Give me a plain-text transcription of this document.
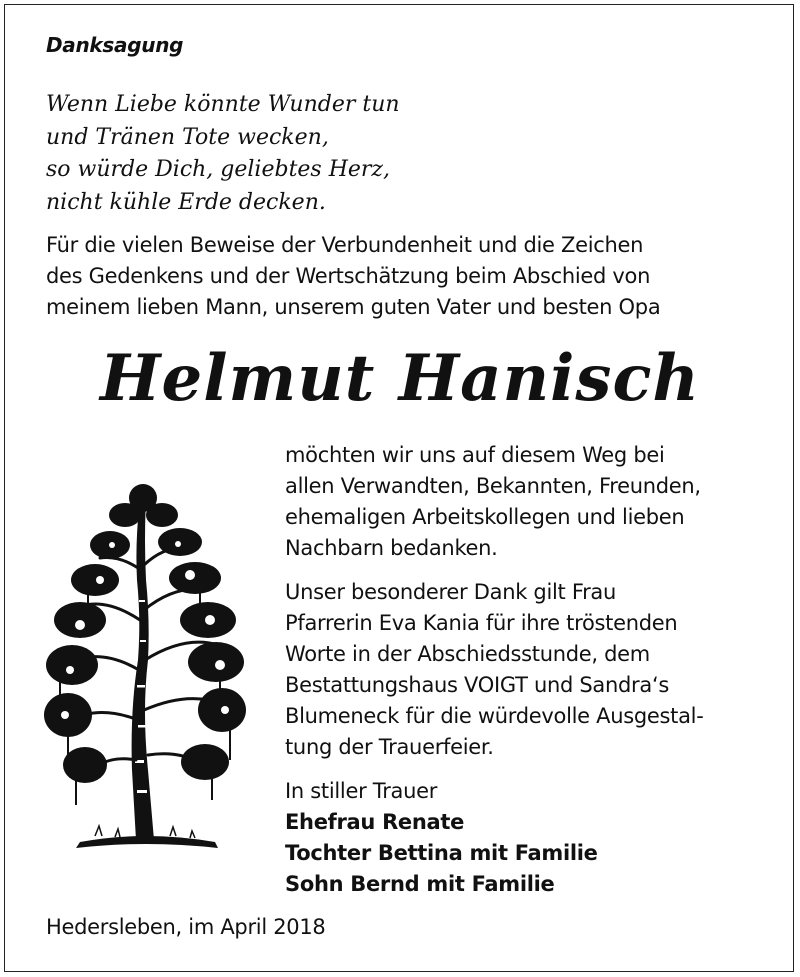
Danksagung
Wenn Liebe könnte Wunder tun
und Tränen Tote wecken,
so würde Dich, geliebtes Herz,
nicht kühle Erde decken.
Für die vielen Beweise der Verbundenheit und die Zeichen
des Gedenkens und der Wertschätzung beim Abschied von
meinem lieben Mann, unserem guten Vater und besten Opa
Helmut Hanisch
möchten wir uns auf diesem Weg bei
allen Verwandten, Bekannten, Freunden,
ehemaligen Arbeitskollegen und lieben
Nachbarn bedanken.
Unser besonderer Dank gilt Frau
Pfarrerin Eva Kania für ihre tröstenden
Worte in der Abschiedsstunde, dem
Bestattungshaus VOIGT und Sandra‘s
Blumeneck für die würdevolle Ausgestal-
tung der Trauerfeier.
In stiller Trauer
Ehefrau Renate
Tochter Bettina mit Familie
Sohn Bernd mit Familie
Hedersleben, im April 2018
